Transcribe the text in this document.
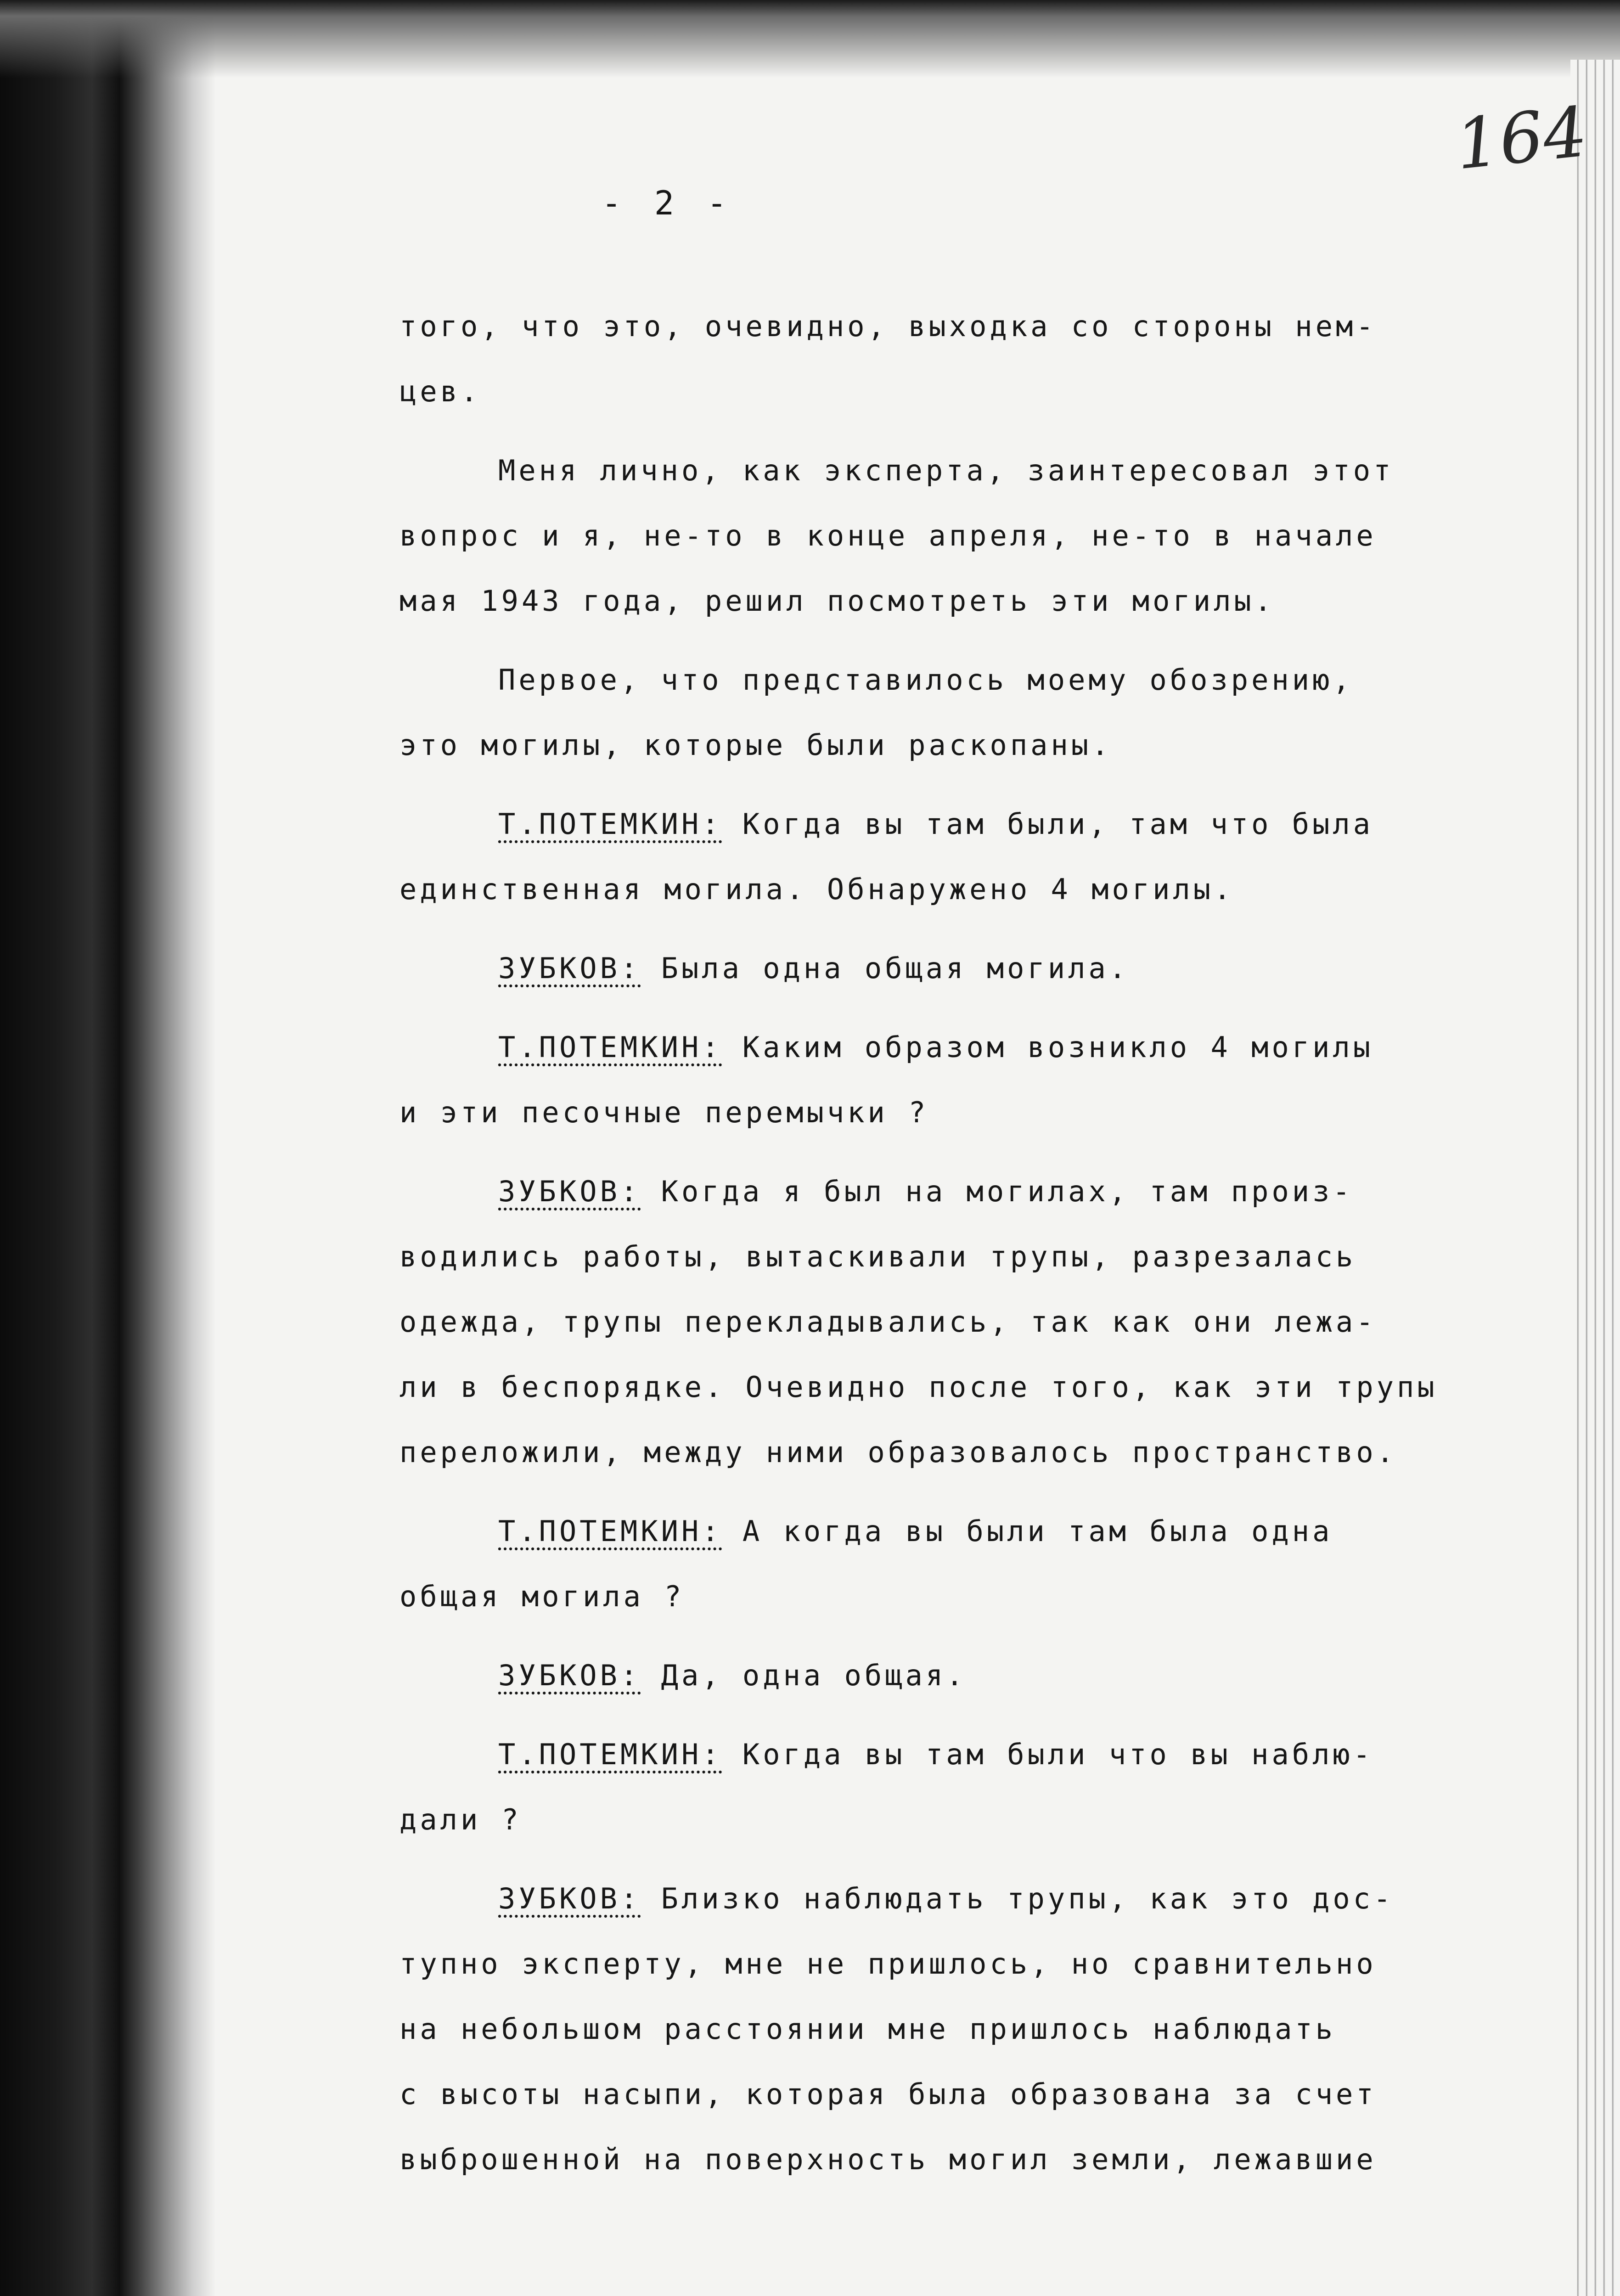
- 2 -
164
того, что это, очевидно, выходка со стороны нем-
цев.
Меня лично, как эксперта, заинтересовал этот
вопрос и я, не-то в конце апреля, не-то в начале
мая 1943 года, решил посмотреть эти могилы.
Первое, что представилось моему обозрению,
это могилы, которые были раскопаны.
Т.ПОТЕМКИН: Когда вы там были, там что была
единственная могила. Обнаружено 4 могилы.
ЗУБКОВ: Была одна общая могила.
Т.ПОТЕМКИН: Каким образом возникло 4 могилы
и эти песочные перемычки ?
ЗУБКОВ: Когда я был на могилах, там произ-
водились работы, вытаскивали трупы, разрезалась
одежда, трупы перекладывались, так как они лежа-
ли в беспорядке. Очевидно после того, как эти трупы
переложили, между ними образовалось пространство.
Т.ПОТЕМКИН: А когда вы были там была одна
общая могила ?
ЗУБКОВ: Да, одна общая.
Т.ПОТЕМКИН: Когда вы там были что вы наблю-
дали ?
ЗУБКОВ: Близко наблюдать трупы, как это дос-
тупно эксперту, мне не пришлось, но сравнительно
на небольшом расстоянии мне пришлось наблюдать
с высоты насыпи, которая была образована за счет
выброшенной на поверхность могил земли, лежавшие
